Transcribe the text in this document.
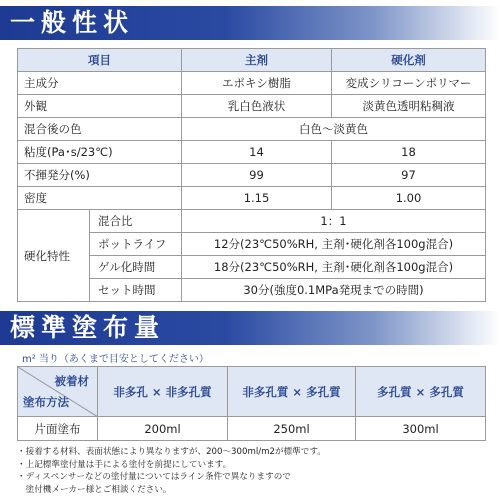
一般性状
項目	主剤	硬化剤
主成分	エポキシ樹脂	変成シリコーンポリマー
外観	乳白色液状	淡黄色透明粘稠液
混合後の色	白色～淡黄色	
粘度(Pa･s/23℃)	14	18
不揮発分(%)	99	97
密度	1.15	1.00
硬化特性	混合比	1：1
	ポットライフ	12分(23℃50%RH, 主剤･硬化剤各100g混合)
	ゲル化時間	18分(23℃50%RH, 主剤･硬化剤各100g混合)
	セット時間	30分(強度0.1MPa発現までの時間)
標準塗布量
m² 当り（あくまで目安としてください）
被着材
塗布方法	非多孔 × 非多孔質	非多孔質 × 多孔質	多孔質 × 多孔質
片面塗布	200ml	250ml	300ml
・接着する材料、表面状態により異なりますが、200～300ml/m2が標準です。
・上記標準塗付量は手による塗付を前提にしています。
・ディスペンサーなどの塗付量についてはライン条件で異なりますので
　塗付機メーカー様とご相談ください。
